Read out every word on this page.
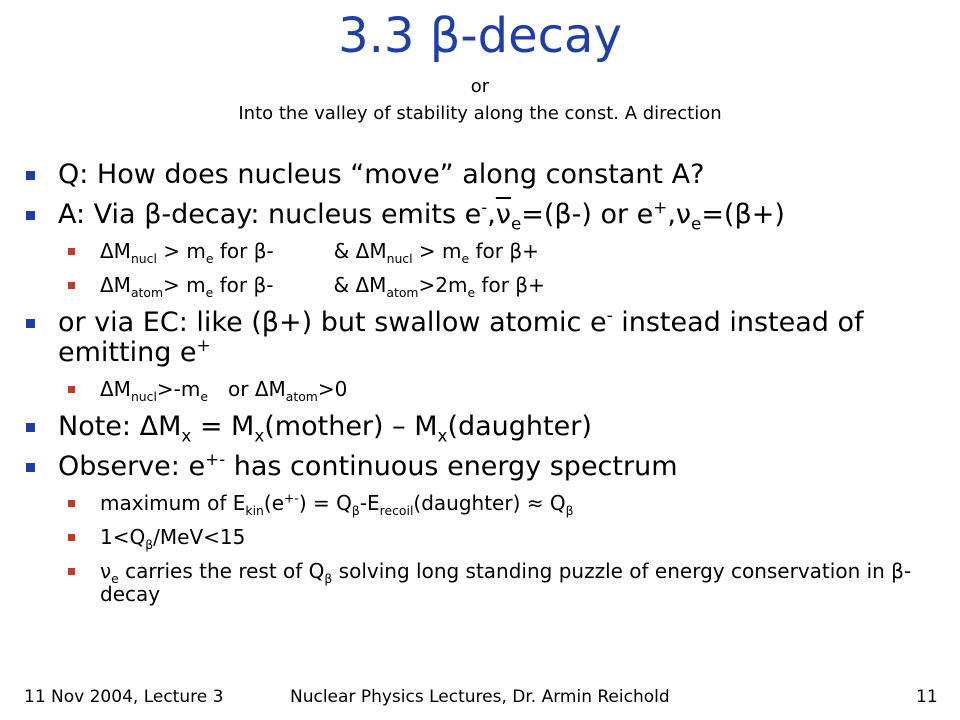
3.3 β-decay
or
Into the valley of stability along the const. A direction
Q: How does nucleus “move” along constant A?
A: Via β-decay: nucleus emits $e^-,\overline{\nu}_e=(\beta-)$ or $e^+,\nu_e=(\beta+)$
$\Delta M_{nucl} > m_e$ for β-	& $\Delta M_{nucl} > m_e$ for β+
$\Delta M_{atom}> m_e$ for β-	& $\Delta M_{atom}>2m_e$ for β+
or via EC: like (β+) but swallow atomic e- instead instead of emitting e+
$\Delta M_{nucl}>-m_e$ or $\Delta M_{atom}>0$
Note: $\Delta M_x$ = $M_x(mother)$ – $M_x(daughter)$
Observe: e+- has continuous energy spectrum
maximum of $E_{kin}(e^{+-})$ = $Q_\beta-E_{recoil}(daughter) \approx Q_\beta$
$1<Q_\beta/MeV<15$
$\nu_e$ carries the rest of $Q_\beta$ solving long standing puzzle of energy conservation in β-decay
11 Nov 2004, Lecture 3	Nuclear Physics Lectures, Dr. Armin Reichold	11
